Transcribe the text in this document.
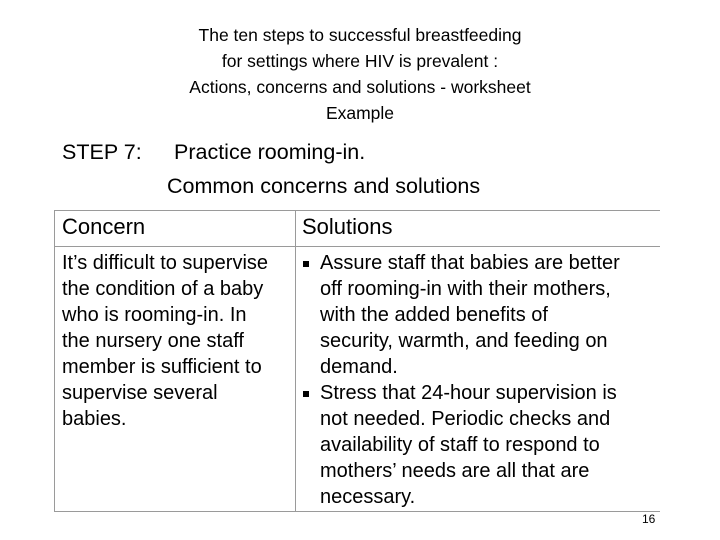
The ten steps to successful breastfeeding
for settings where HIV is prevalent :
Actions, concerns and solutions - worksheet
Example
STEP 7: Practice rooming-in.
Common concerns and solutions
Concern	Solutions
It’s difficult to supervise
the condition of a baby
who is rooming-in. In
the nursery one staff
member is sufficient to
supervise several
babies.
Assure staff that babies are better
off rooming-in with their mothers,
with the added benefits of
security, warmth, and feeding on
demand.
Stress that 24-hour supervision is
not needed. Periodic checks and
availability of staff to respond to
mothers’ needs are all that are
necessary.
16
